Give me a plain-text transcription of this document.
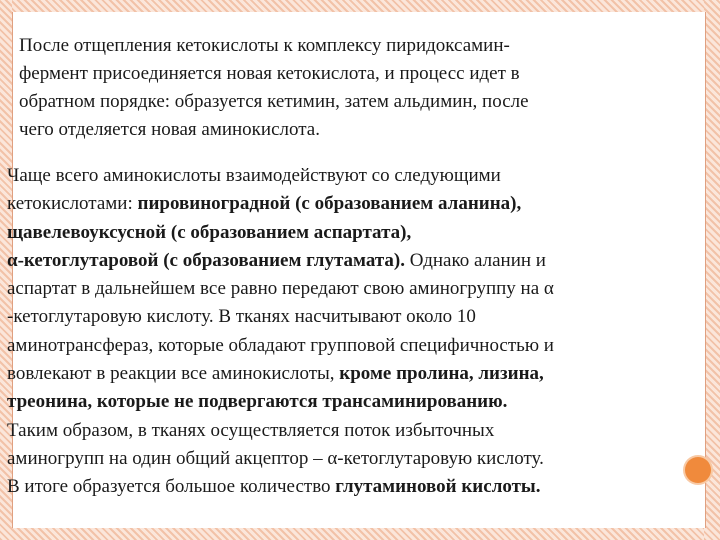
После отщепления кетокислоты к комплексу пиридоксамин-
фермент присоединяется новая кетокислота, и процесс идет в
обратном порядке: образуется кетимин, затем альдимин, после
чего отделяется новая аминокислота.

Чаще всего аминокислоты взаимодействуют со следующими
кетокислотами: пировиноградной (с образованием аланина),
щавелевоуксусной (с образованием аспартата),
α-кетоглутаровой (с образованием глутамата). Однако аланин и
аспартат в дальнейшем все равно передают свою аминогруппу на α
-кетоглутаровую кислоту. В тканях насчитывают около 10
аминотрансфераз, которые обладают групповой специфичностью и
вовлекают в реакции все аминокислоты, кроме пролина, лизина,
треонина, которые не подвергаются трансаминированию.
Таким образом, в тканях осуществляется поток избыточных
аминогрупп на один общий акцептор – α-кетоглутаровую кислоту.
В итоге образуется большое количество глутаминовой кислоты.
